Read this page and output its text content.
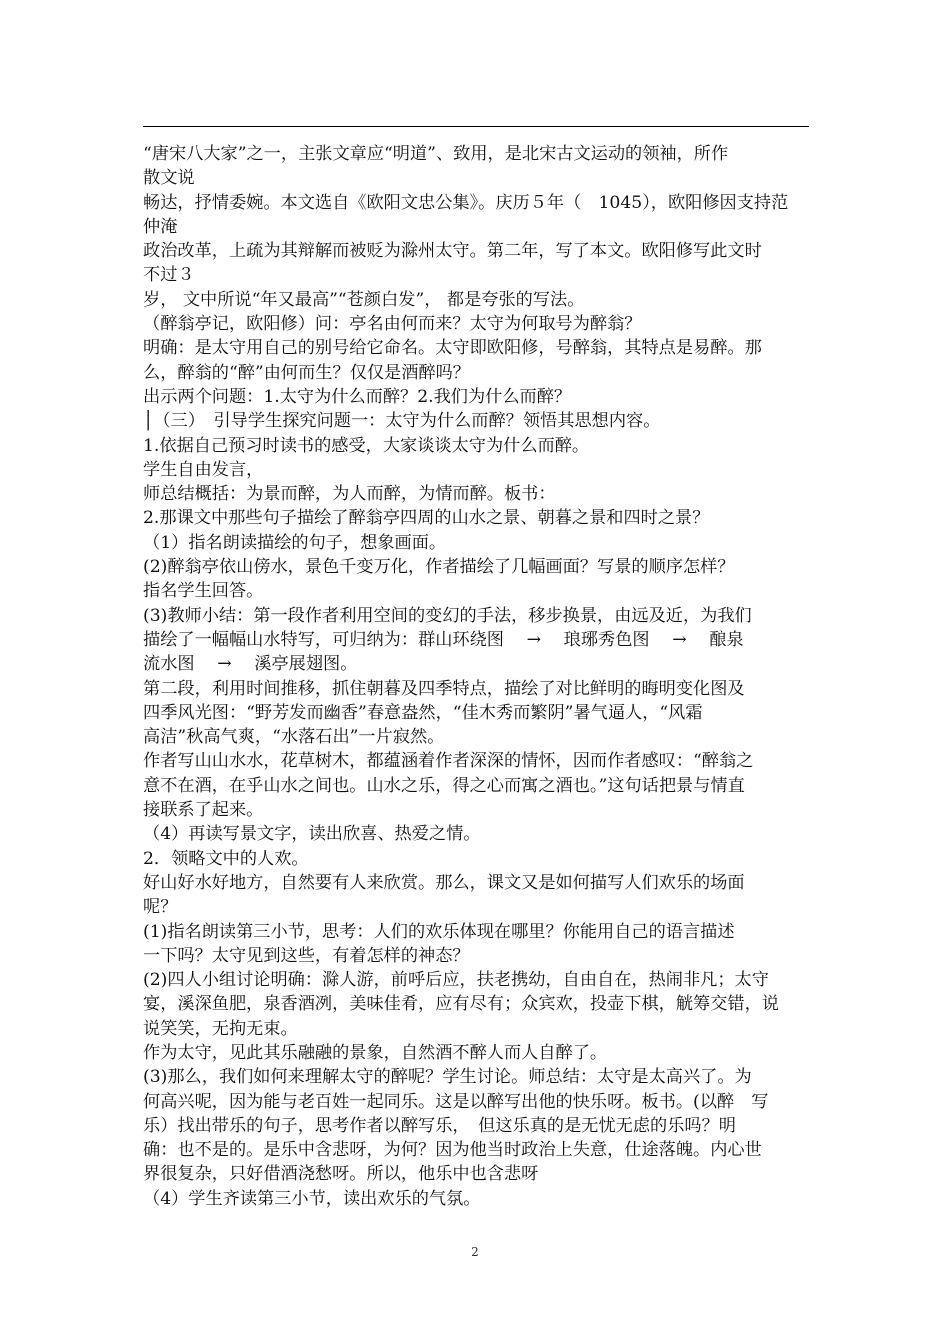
“唐宋八大家”之一，主张文章应“明道”、致用，是北宋古文运动的领袖，所作
散文说
畅达，抒情委婉。本文选自《欧阳文忠公集》。庆历５年（　1045），欧阳修因支持范
仲淹
政治改革，上疏为其辩解而被贬为滁州太守。第二年，写了本文。欧阳修写此文时
不过３
岁， 文中所说“年又最高”“苍颜白发”， 都是夸张的写法。
（醉翁亭记，欧阳修）问：亭名由何而来？太守为何取号为醉翁？
明确：是太守用自己的别号给它命名。太守即欧阳修，号醉翁，其特点是易醉。那
么，醉翁的“醉”由何而生？仅仅是酒醉吗？
出示两个问题：1.太守为什么而醉？2.我们为什么而醉？
│（三）　引导学生探究问题一：太守为什么而醉？领悟其思想内容。
1.依据自己预习时读书的感受，大家谈谈太守为什么而醉。
学生自由发言，
师总结概括：为景而醉，为人而醉，为情而醉。板书：
2.那课文中那些句子描绘了醉翁亭四周的山水之景、朝暮之景和四时之景？
（1）指名朗读描绘的句子，想象画面。
(2)醉翁亭依山傍水，景色千变万化，作者描绘了几幅画面？写景的顺序怎样？
指名学生回答。
(3)教师小结：第一段作者利用空间的变幻的手法，移步换景，由远及近，为我们
描绘了一幅幅山水特写，可归纳为：群山环绕图　 →　 琅琊秀色图　 →　 酿泉
流水图　 →　 溪亭展翅图。
第二段，利用时间推移，抓住朝暮及四季特点，描绘了对比鲜明的晦明变化图及
四季风光图：“野芳发而幽香”春意盎然，“佳木秀而繁阴”暑气逼人，“风霜
高洁”秋高气爽，“水落石出”一片寂然。
作者写山山水水，花草树木，都蕴涵着作者深深的情怀，因而作者感叹：“醉翁之
意不在酒，在乎山水之间也。山水之乐，得之心而寓之酒也。”这句话把景与情直
接联系了起来。
（4）再读写景文字，读出欣喜、热爱之情。
2．领略文中的人欢。
好山好水好地方，自然要有人来欣赏。那么，课文又是如何描写人们欢乐的场面
呢？
(1)指名朗读第三小节，思考：人们的欢乐体现在哪里？你能用自己的语言描述
一下吗？太守见到这些，有着怎样的神态？
(2)四人小组讨论明确：滁人游，前呼后应，扶老携幼，自由自在，热闹非凡；太守
宴，溪深鱼肥，泉香酒冽，美味佳肴，应有尽有；众宾欢，投壶下棋，觥筹交错，说
说笑笑，无拘无束。
作为太守，见此其乐融融的景象，自然酒不醉人而人自醉了。
(3)那么，我们如何来理解太守的醉呢？学生讨论。师总结：太守是太高兴了。为
何高兴呢，因为能与老百姓一起同乐。这是以醉写出他的快乐呀。板书。(以醉　写
乐）找出带乐的句子，思考作者以醉写乐，　但这乐真的是无忧无虑的乐吗？明
确：也不是的。是乐中含悲呀，为何？因为他当时政治上失意，仕途落魄。内心世
界很复杂，只好借酒浇愁呀。所以，他乐中也含悲呀
（4）学生齐读第三小节，读出欢乐的气氛。
2
